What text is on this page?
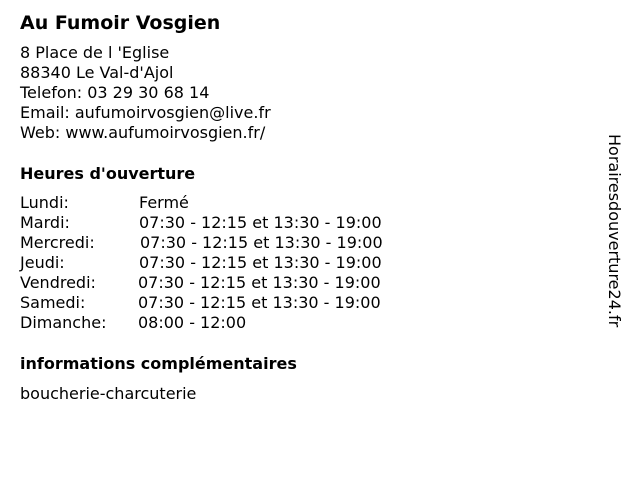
Au Fumoir Vosgien
8 Place de l 'Eglise
88340 Le Val-d'Ajol
Telefon: 03 29 30 68 14
Email: aufumoirvosgien@live.fr
Web: www.aufumoirvosgien.fr/
Heures d'ouverture
Lundi:	Fermé
Mardi:	07:30 - 12:15 et 13:30 - 19:00
Mercredi:	07:30 - 12:15 et 13:30 - 19:00
Jeudi:	07:30 - 12:15 et 13:30 - 19:00
Vendredi:	07:30 - 12:15 et 13:30 - 19:00
Samedi:	07:30 - 12:15 et 13:30 - 19:00
Dimanche: 08:00 - 12:00
informations complémentaires
boucherie-charcuterie
Horairesdouverture24.fr
